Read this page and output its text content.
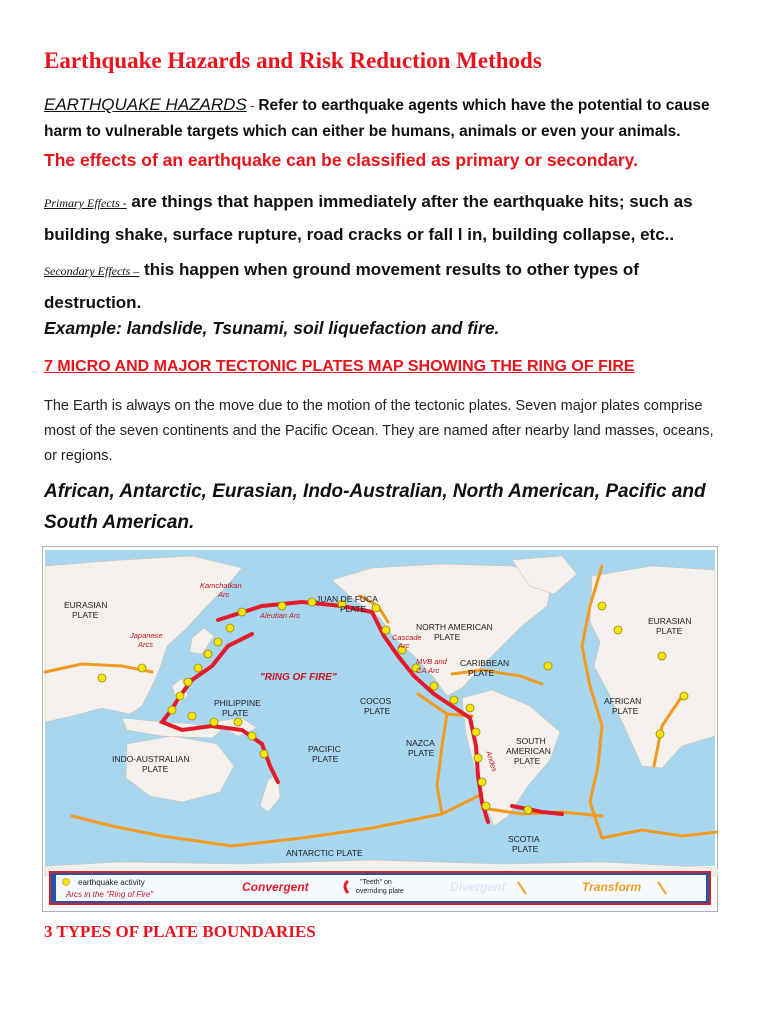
Earthquake Hazards and Risk Reduction Methods
EARTHQUAKE HAZARDS - Refer to earthquake agents which have the potential to cause harm to vulnerable targets which can either be humans, animals or even your animals.
The effects of an earthquake can be classified as primary or secondary.
Primary Effects - are things that happen immediately after the earthquake hits; such as building shake, surface rupture, road cracks or fall l in, building collapse, etc..
Secondary Effects – this happen when ground movement results to other types of destruction.
Example: landslide, Tsunami, soil liquefaction and fire.
7 MICRO AND MAJOR TECTONIC PLATES MAP SHOWING THE RING OF FIRE
The Earth is always on the move due to the motion of the tectonic plates. Seven major plates comprise most of the seven continents and the Pacific Ocean. They are named after nearby land masses, oceans, or regions.
African, Antarctic, Eurasian, Indo-Australian, North American, Pacific and South American.
EURASIAN
PLATE
Kamchatkan
Arc
Aleutian Arc
Japanese
Arcs
"RING OF FIRE"
PHILIPPINE
PLATE
INDO-AUSTRALIAN
PLATE
PACIFIC
PLATE
JUAN DE FUCA
PLATE
Cascade
Arc
NORTH AMERICAN
PLATE
MVB and
CA Arc
CARIBBEAN
PLATE
COCOS
PLATE
NAZCA
PLATE	Andes
SOUTH
AMERICAN
PLATE
AFRICAN
PLATE
EURASIAN
PLATE
SCOTIA
PLATE
ANTARCTIC PLATE
earthquake activity
Arcs in the "Ring of Fire"
Convergent	"Teeth" on
overriding plate	Divergent	Transform
3 TYPES OF PLATE BOUNDARIES
